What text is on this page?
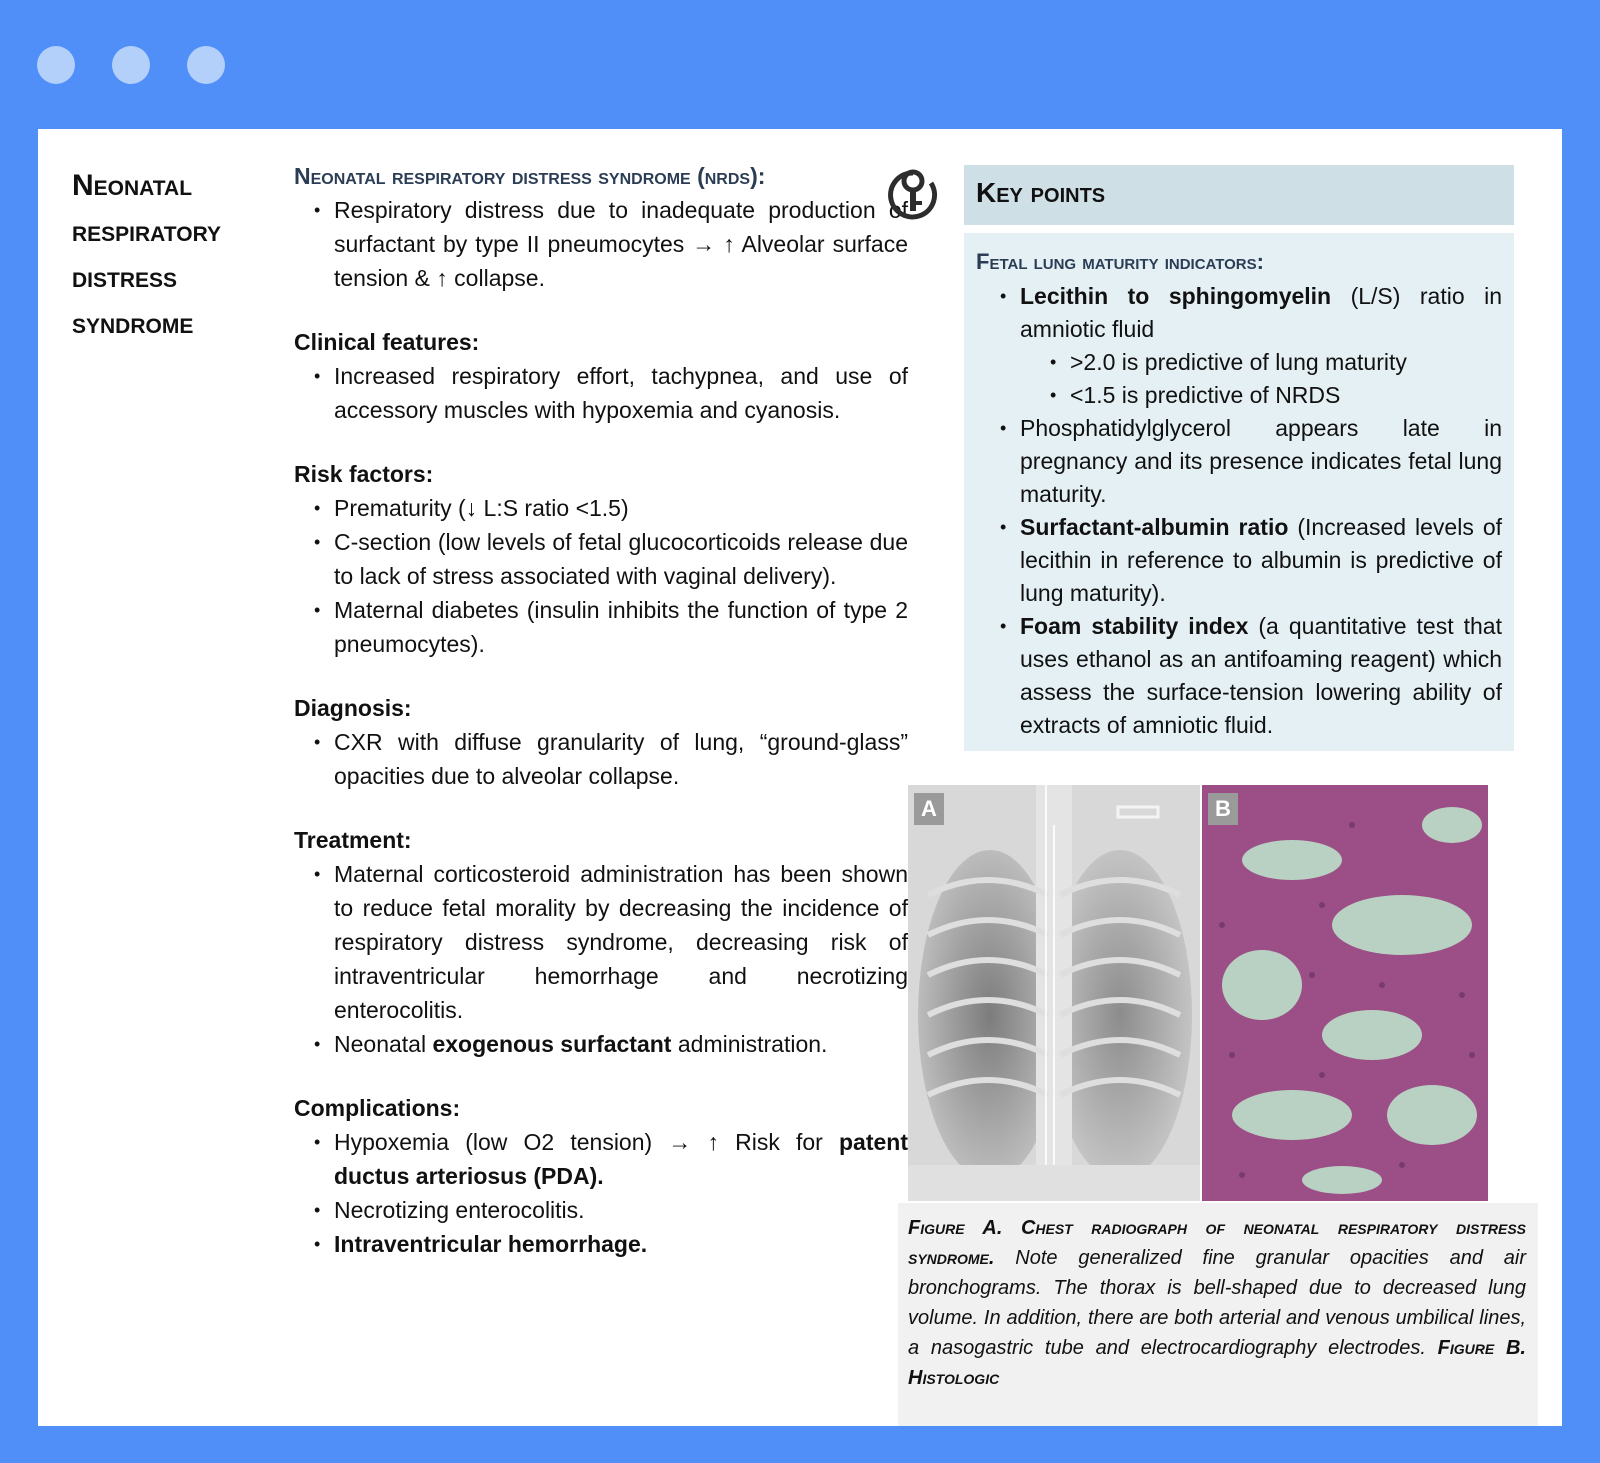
Neonatal respiratory distress syndrome
Neonatal respiratory distress syndrome (nrds):
• Respiratory distress due to inadequate production of surfactant by type II pneumocytes → ↑ Alveolar surface tension & ↑ collapse.
Clinical features:
• Increased respiratory effort, tachypnea, and use of accessory muscles with hypoxemia and cyanosis.
Risk factors:
• Prematurity (↓ L:S ratio <1.5)
• C-section (low levels of fetal glucocorticoids release due to lack of stress associated with vaginal delivery).
• Maternal diabetes (insulin inhibits the function of type 2 pneumocytes).
Diagnosis:
• CXR with diffuse granularity of lung, “ground-glass” opacities due to alveolar collapse.
Treatment:
• Maternal corticosteroid administration has been shown to reduce fetal morality by decreasing the incidence of respiratory distress syndrome, decreasing risk of intraventricular hemorrhage and necrotizing enterocolitis.
• Neonatal exogenous surfactant administration.
Complications:
• Hypoxemia (low O2 tension) → ↑ Risk for patent ductus arteriosus (PDA).
• Necrotizing enterocolitis.
• Intraventricular hemorrhage.
Key points
Fetal lung maturity indicators:
• Lecithin to sphingomyelin (L/S) ratio in amniotic fluid
• >2.0 is predictive of lung maturity
• <1.5 is predictive of NRDS
• Phosphatidylglycerol appears late in pregnancy and its presence indicates fetal lung maturity.
• Surfactant-albumin ratio (Increased levels of lecithin in reference to albumin is predictive of lung maturity).
• Foam stability index (a quantitative test that uses ethanol as an antifoaming reagent) which assess the surface-tension lowering ability of extracts of amniotic fluid.
A	B

Figure A. Chest radiograph of neonatal respiratory distress syndrome. Note generalized fine granular opacities and air bronchograms. The thorax is bell-shaped due to decreased lung volume. In addition, there are both arterial and venous umbilical lines, a nasogastric tube and electrocardiography electrodes. Figure B. Histologic
